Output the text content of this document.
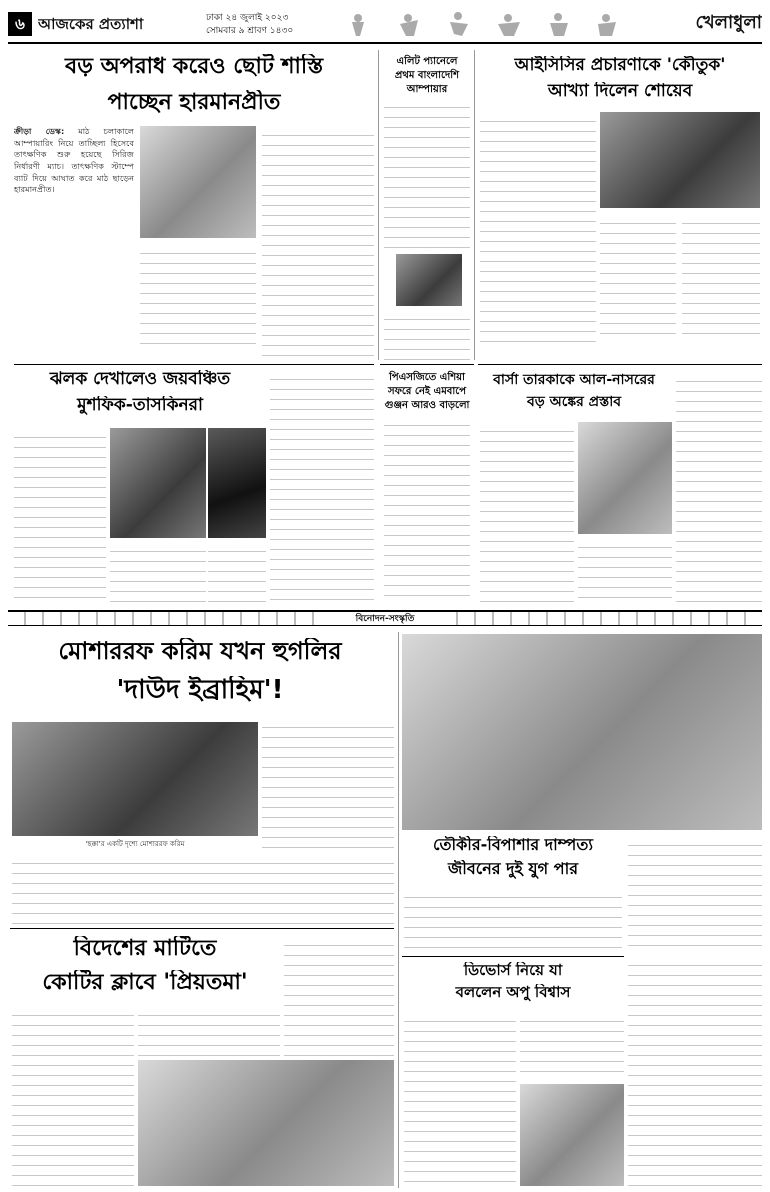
৬ আজকের প্রত্যাশা	ঢাকা ২৪ জুলাই ২০২৩
সোমবার ৯ শ্রাবণ ১৪৩০	খেলাধুলা
বড় অপরাধ করেও ছোট শাস্তি
পাচ্ছেন হারমানপ্রীত
ক্রীড়া ডেস্ক: মাঠ চলাকালে আম্পায়ারিং নিয়ে তাচ্ছিল্য হিসেবে তাৎক্ষণিক শুরু হয়েছে সিরিজ নির্ধারণী ম্যাচ। তাৎক্ষণিক স্টাম্পে ব্যাট দিয়ে আঘাত করে মাঠ ছাড়েন হারমানপ্রীত।
এলিট প্যানেলে
প্রথম বাংলাদেশি
আম্পায়ার
আইসিসির প্রচারণাকে 'কৌতুক'
আখ্যা দিলেন শোয়েব
ঝলক দেখালেও জয়বঞ্চিত
মুশফিক-তাসকিনরা
পিএসজিতে এশিয়া
সফরে নেই এমবাপে
গুঞ্জন আরও বাড়লো
বার্সা তারকাকে আল-নাসরের
বড় অঙ্কের প্রস্তাব
বিনোদন-সংস্কৃতি
মোশাররফ করিম যখন হুগলির
'দাউদ ইব্রাহিম'!
'ছক্কা'র একটি দৃশ্যে মোশাররফ করিম	তৌকীর-বিপাশার দাম্পত্য
জীবনের দুই যুগ পার
বিদেশের মাটিতে
কোটির ক্লাবে 'প্রিয়তমা'	ডিভোর্স নিয়ে যা
বললেন অপু বিশ্বাস
